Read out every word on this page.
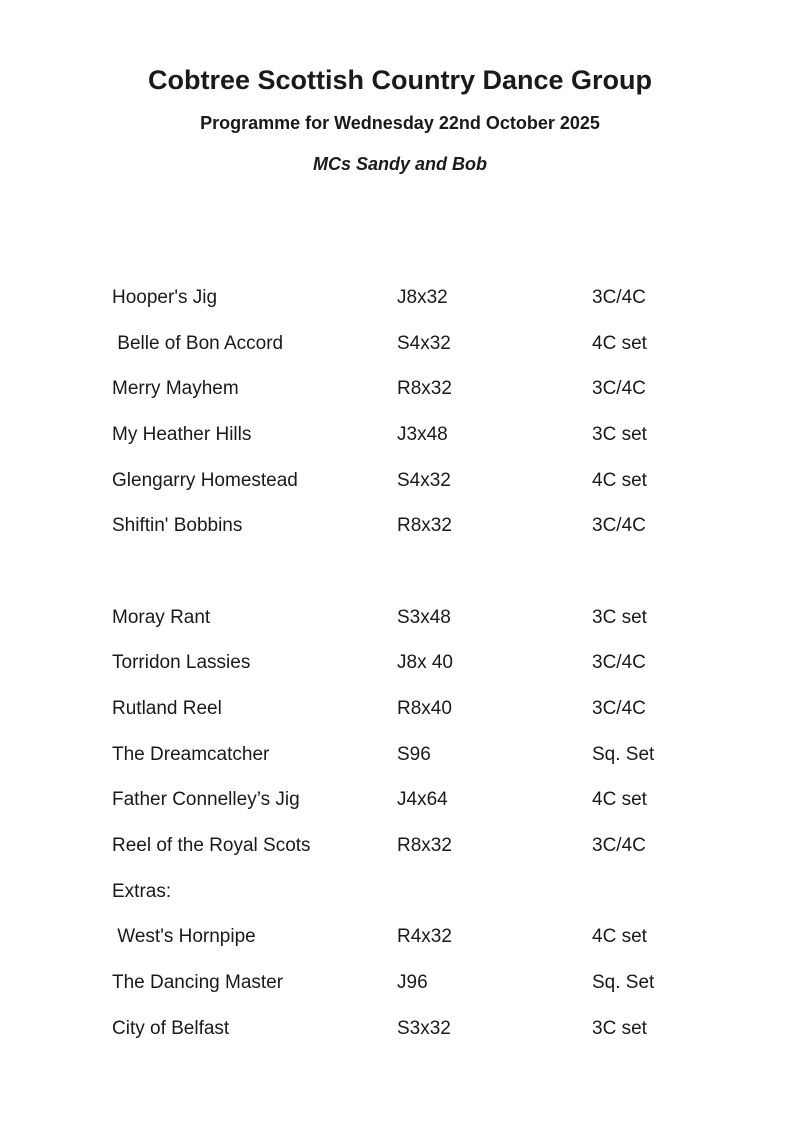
Cobtree Scottish Country Dance Group
Programme for Wednesday 22nd October 2025
MCs Sandy and Bob
Hooper's Jig	J8x32	3C/4C
Belle of Bon Accord	S4x32	4C set
Merry Mayhem	R8x32	3C/4C
My Heather Hills	J3x48	3C set
Glengarry Homestead	S4x32	4C set
Shiftin' Bobbins	R8x32	3C/4C
Moray Rant	S3x48	3C set
Torridon Lassies	J8x 40	3C/4C
Rutland Reel	R8x40	3C/4C
The Dreamcatcher	S96	Sq. Set
Father Connelley’s Jig	J4x64	4C set
Reel of the Royal Scots	R8x32	3C/4C
Extras:
West's Hornpipe	R4x32	4C set
The Dancing Master	J96	Sq. Set
City of Belfast	S3x32	3C set
